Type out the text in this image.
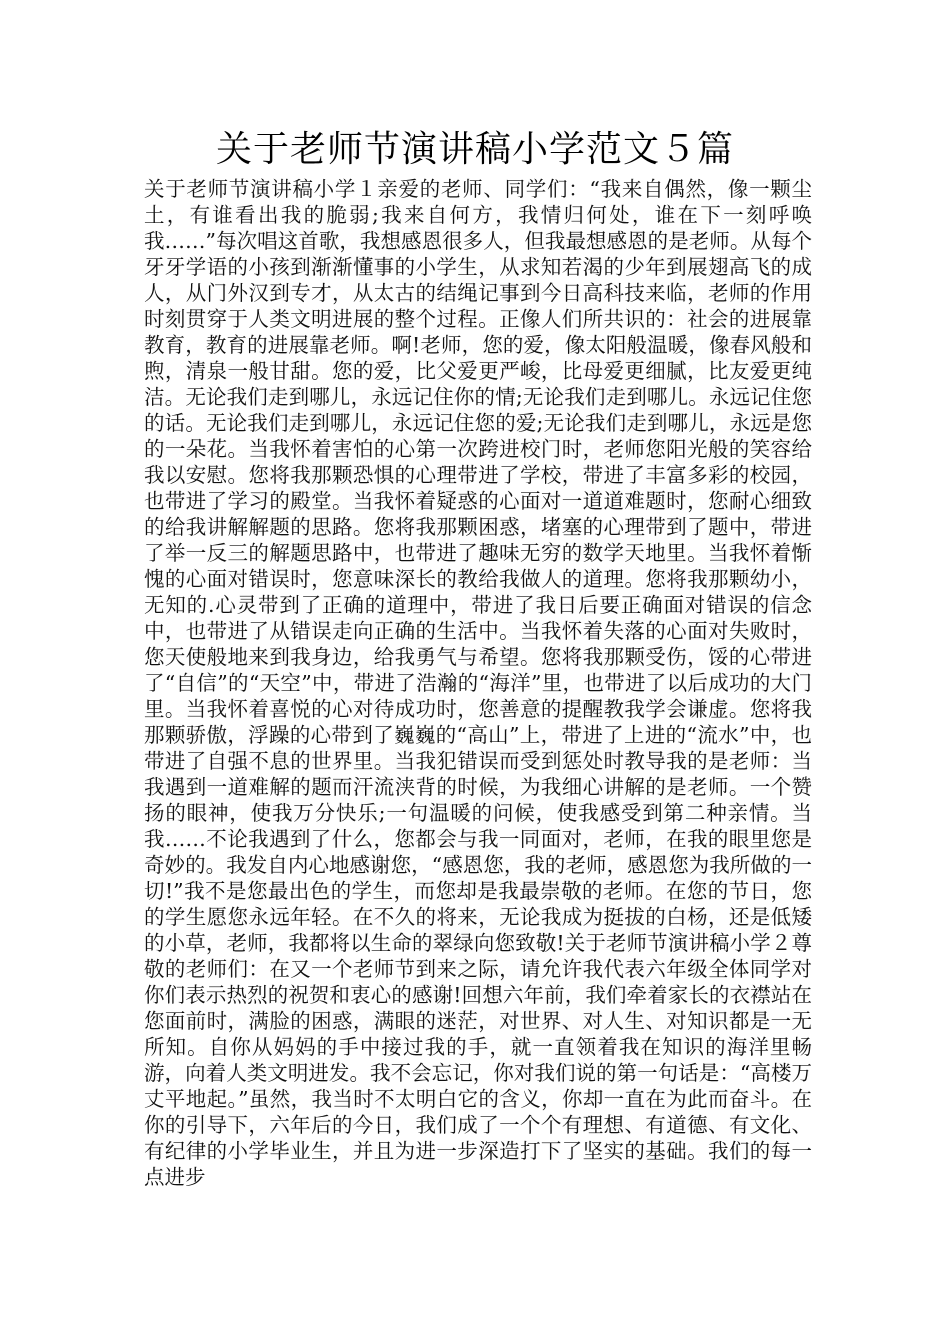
关于老师节演讲稿小学范文５篇

关于老师节演讲稿小学１亲爱的老师、同学们：“我来自偶然，像一颗尘土，有谁看出我的脆弱;我来自何方，我情归何处，谁在下一刻呼唤我……”每次唱这首歌，我想感恩很多人，但我最想感恩的是老师。从每个牙牙学语的小孩到渐渐懂事的小学生，从求知若渴的少年到展翅高飞的成人，从门外汉到专才，从太古的结绳记事到今日高科技来临，老师的作用时刻贯穿于人类文明进展的整个过程。正像人们所共识的：社会的进展靠教育，教育的进展靠老师。啊!老师，您的爱，像太阳般温暖，像春风般和煦，清泉一般甘甜。您的爱，比父爱更严峻，比母爱更细腻，比友爱更纯洁。无论我们走到哪儿，永远记住你的情;无论我们走到哪儿。永远记住您的话。无论我们走到哪儿，永远记住您的爱;无论我们走到哪儿，永远是您的一朵花。当我怀着害怕的心第一次跨进校门时，老师您阳光般的笑容给我以安慰。您将我那颗恐惧的心理带进了学校，带进了丰富多彩的校园，也带进了学习的殿堂。当我怀着疑惑的心面对一道道难题时，您耐心细致的给我讲解解题的思路。您将我那颗困惑，堵塞的心理带到了题中，带进了举一反三的解题思路中，也带进了趣味无穷的数学天地里。当我怀着惭愧的心面对错误时，您意味深长的教给我做人的道理。您将我那颗幼小，无知的.心灵带到了正确的道理中，带进了我日后要正确面对错误的信念中，也带进了从错误走向正确的生活中。当我怀着失落的心面对失败时，您天使般地来到我身边，给我勇气与希望。您将我那颗受伤，馁的心带进了“自信”的“天空”中，带进了浩瀚的“海洋”里，也带进了以后成功的大门里。当我怀着喜悦的心对待成功时，您善意的提醒教我学会谦虚。您将我那颗骄傲，浮躁的心带到了巍巍的“高山”上，带进了上进的“流水”中，也带进了自强不息的世界里。当我犯错误而受到惩处时教导我的是老师：当我遇到一道难解的题而汗流浃背的时候，为我细心讲解的是老师。一个赞扬的眼神，使我万分快乐;一句温暖的问候，使我感受到第二种亲情。当我……不论我遇到了什么，您都会与我一同面对，老师，在我的眼里您是奇妙的。我发自内心地感谢您，“感恩您，我的老师，感恩您为我所做的一切!”我不是您最出色的学生，而您却是我最崇敬的老师。在您的节日，您的学生愿您永远年轻。在不久的将来，无论我成为挺拔的白杨，还是低矮的小草，老师，我都将以生命的翠绿向您致敬!关于老师节演讲稿小学２尊敬的老师们：在又一个老师节到来之际，请允许我代表六年级全体同学对你们表示热烈的祝贺和衷心的感谢!回想六年前，我们牵着家长的衣襟站在您面前时，满脸的困惑，满眼的迷茫，对世界、对人生、对知识都是一无所知。自你从妈妈的手中接过我的手，就一直领着我在知识的海洋里畅游，向着人类文明进发。我不会忘记，你对我们说的第一句话是：“高楼万丈平地起。”虽然，我当时不太明白它的含义，你却一直在为此而奋斗。在你的引导下，六年后的今日，我们成了一个个有理想、有道德、有文化、有纪律的小学毕业生，并且为进一步深造打下了坚实的基础。我们的每一点进步
